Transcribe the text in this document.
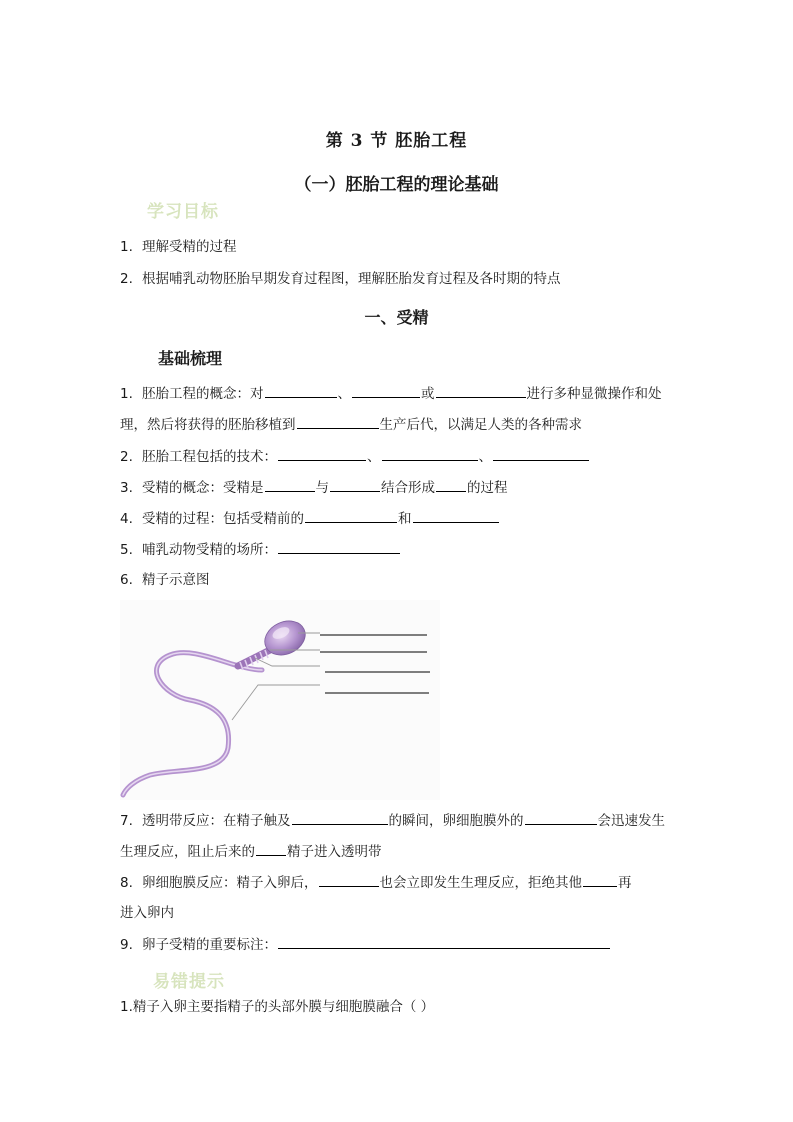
第 3 节 胚胎工程
（一）胚胎工程的理论基础
学习目标
1. 理解受精的过程
2. 根据哺乳动物胚胎早期发育过程图，理解胚胎发育过程及各时期的特点
一、受精
基础梳理
1. 胚胎工程的概念：对	、	或	进行多种显微操作和处
理，然后将获得的胚胎移植到	生产后代，以满足人类的各种需求
2. 胚胎工程包括的技术：	、	、
3. 受精的概念：受精是	与	结合形成 的过程
4. 受精的过程：包括受精前的	和
5. 哺乳动物受精的场所：
6. 精子示意图
7. 透明带反应：在精子触及	的瞬间，卵细胞膜外的	会迅速发生
生理反应，阻止后来的 精子进入透明带
8. 卵细胞膜反应：精子入卵后，	也会立即发生生理反应，拒绝其他	再
进入卵内
9. 卵子受精的重要标注：
易错提示
1.精子入卵主要指精子的头部外膜与细胞膜融合（ ）
